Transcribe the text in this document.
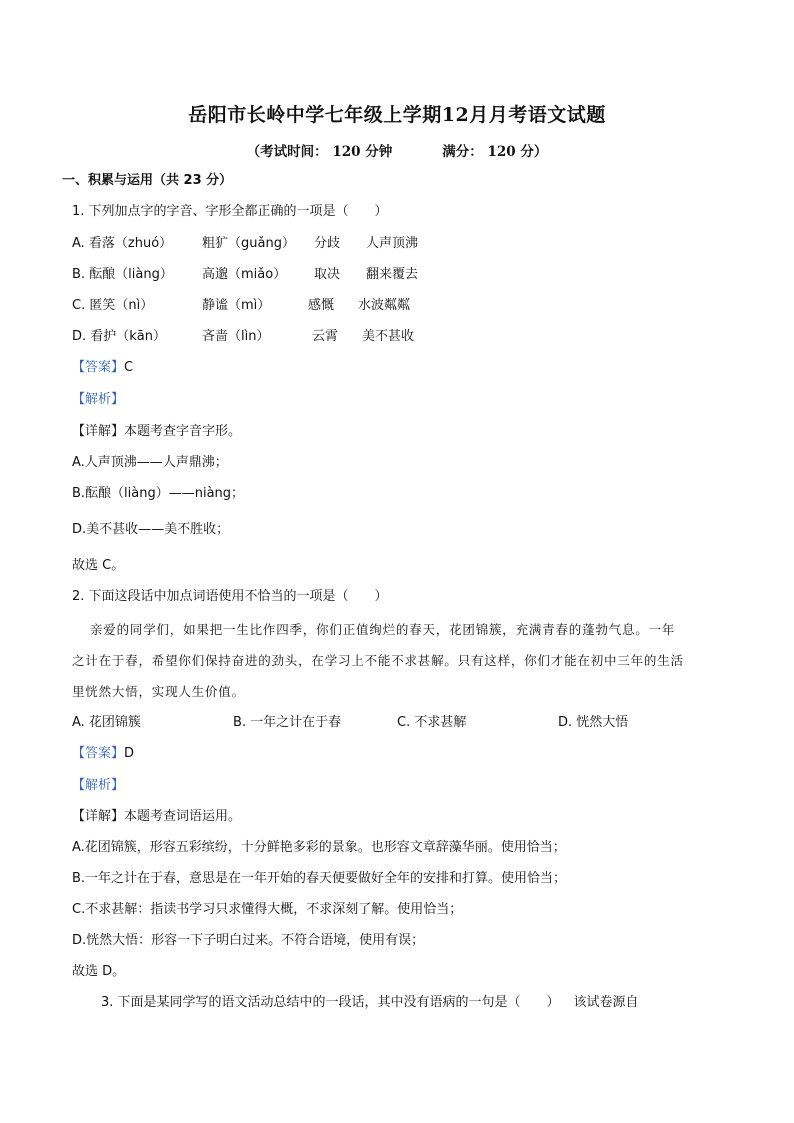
岳阳市长岭中学七年级上学期12月月考语文试题
（考试时间： 120 分钟	满分： 120 分）
一、积累与运用（共 23 分）
1. 下列加点字的字音、字形全都正确的一项是（　　）
A. 看落（zhuó） 粗犷（guǎng） 分歧 人声顶沸
B. 酝酿（liàng） 高邈（miǎo） 取决 翻来覆去
C. 匿笑（nì）	静谧（mì）	感慨 水波粼粼
D. 看护（kān）	吝啬（lìn）	云霄 美不甚收
【答案】C
【解析】
【详解】本题考查字音字形。
A.人声顶沸——人声鼎沸；
B.酝酿（liàng）——niàng；
D.美不甚收——美不胜收；
故选 C。
2. 下面这段话中加点词语使用不恰当的一项是（　　）
亲爱的同学们，如果把一生比作四季，你们正值绚烂的春天，花团锦簇，充满青春的蓬勃气息。一年
之计在于春，希望你们保持奋进的劲头，在学习上不能不求甚解。只有这样，你们才能在初中三年的生活
里恍然大悟，实现人生价值。
A. 花团锦簇	B. 一年之计在于春	C. 不求甚解	D. 恍然大悟
【答案】D
【解析】
【详解】本题考查词语运用。
A.花团锦簇，形容五彩缤纷，十分鲜艳多彩的景象。也形容文章辞藻华丽。使用恰当；
B.一年之计在于春，意思是在一年开始的春天便要做好全年的安排和打算。使用恰当；
C.不求甚解：指读书学习只求懂得大概，不求深刻了解。使用恰当；
D.恍然大悟：形容一下子明白过来。不符合语境，使用有误；
故选 D。
3. 下面是某同学写的语文活动总结中的一段话，其中没有语病的一句是（　　） 该试卷源自
